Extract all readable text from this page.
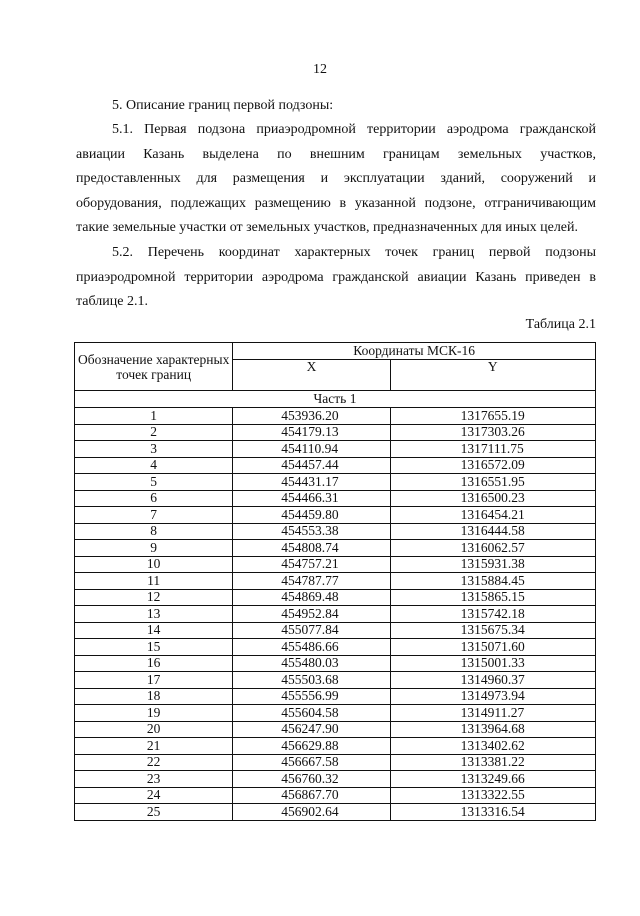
12
5. Описание границ первой подзоны:
5.1. Первая подзона приаэродромной территории аэродрома гражданской авиации Казань выделена по внешним границам земельных участков, предоставленных для размещения и эксплуатации зданий, сооружений и оборудования, подлежащих размещению в указанной подзоне, отграничивающим такие земельные участки от земельных участков, предназначенных для иных целей.
5.2. Перечень координат характерных точек границ первой подзоны приаэродромной территории аэродрома гражданской авиации Казань приведен в таблице 2.1.
Таблица 2.1
Обозначение характерных точек границ	Координаты МСК-16	
	X	Y
Часть 1		
1	453936.20	1317655.19
2	454179.13	1317303.26
3	454110.94	1317111.75
4	454457.44	1316572.09
5	454431.17	1316551.95
6	454466.31	1316500.23
7	454459.80	1316454.21
8	454553.38	1316444.58
9	454808.74	1316062.57
10	454757.21	1315931.38
11	454787.77	1315884.45
12	454869.48	1315865.15
13	454952.84	1315742.18
14	455077.84	1315675.34
15	455486.66	1315071.60
16	455480.03	1315001.33
17	455503.68	1314960.37
18	455556.99	1314973.94
19	455604.58	1314911.27
20	456247.90	1313964.68
21	456629.88	1313402.62
22	456667.58	1313381.22
23	456760.32	1313249.66
24	456867.70	1313322.55
25	456902.64	1313316.54
